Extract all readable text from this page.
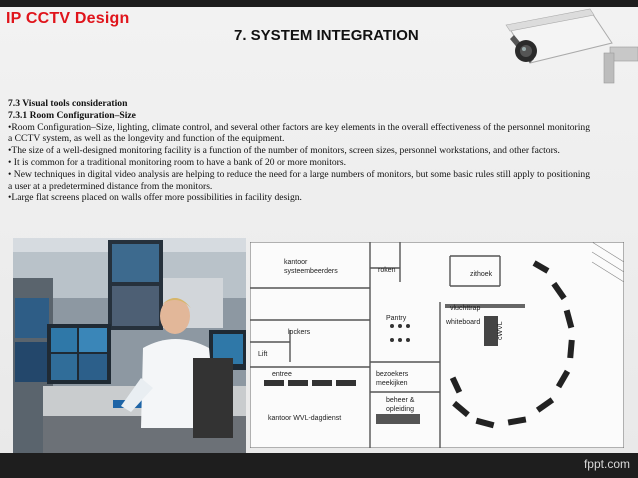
IP CCTV Design
7. SYSTEM INTEGRATION

7.3 Visual tools consideration

7.3.1 Room Configuration–Size

•Room Configuration–Size, lighting, climate control, and several other factors are key elements in the overall effectiveness of the personnel monitoring a CCTV system, as well as the longevity and function of the equipment.

•The size of a well-designed monitoring facility is a function of the number of monitors, screen sizes, personnel workstations, and other factors.

• It is common for a traditional monitoring room to have a bank of 20 or more monitors.

• New techniques in digital video analysis are helping to reduce the need for a large numbers of monitors, but some basic rules still apply to positioning a user at a predetermined distance from the monitors.

•Large flat screens placed on walls offer more possibilities in facility design.

kantoor
systeembeerders	roken
zithoek
vluchttrap
Pantry
whiteboard
lockers
Lift
entree	bezoekers
meekijken
beheer &
opleiding
kantoor WVL-dagdienst
cWVL
fppt.com
